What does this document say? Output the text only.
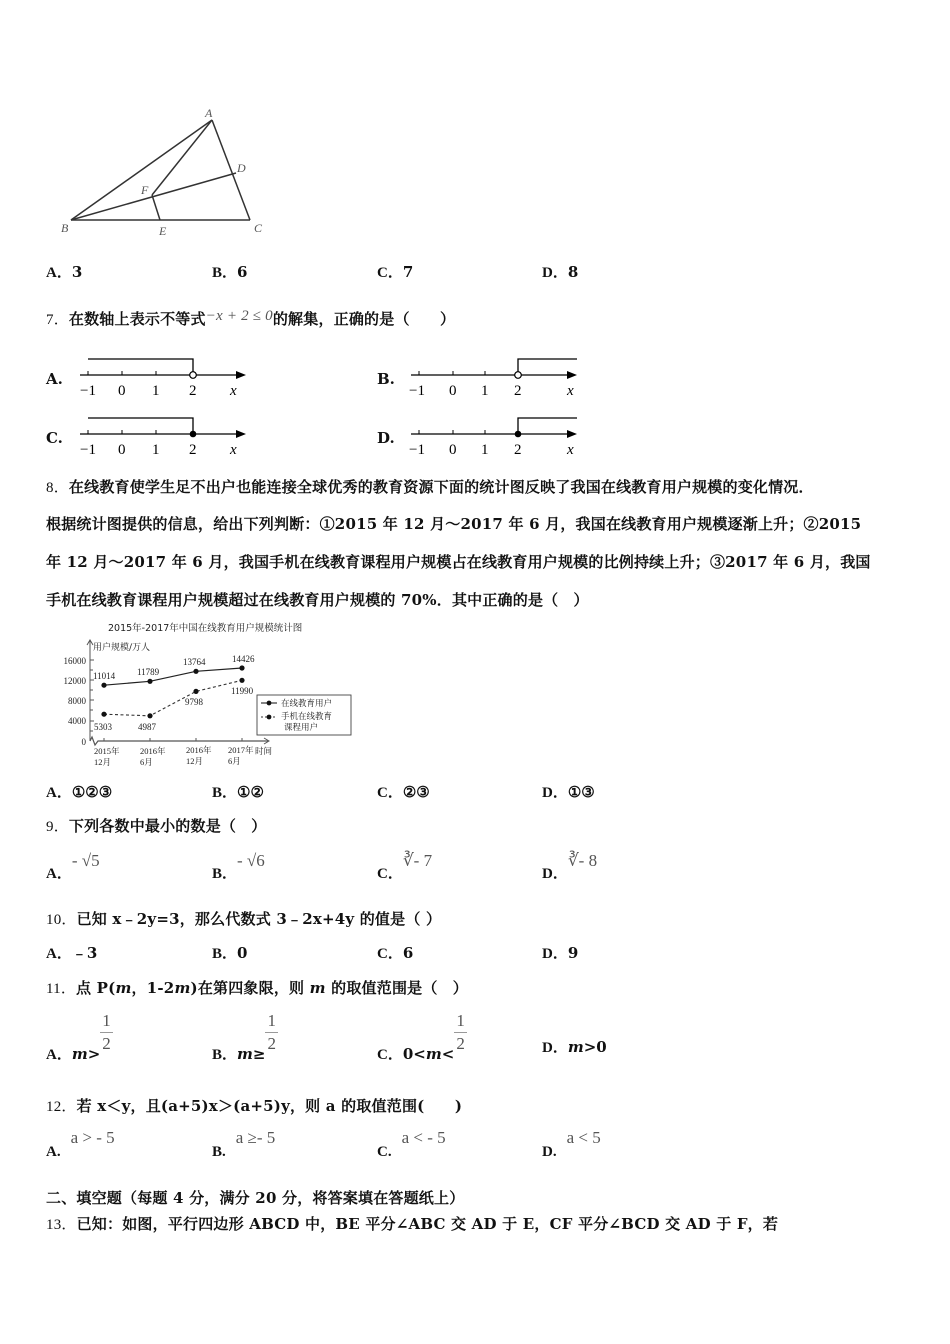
A
B	C
D
E
F
A．3	B．6	C．7	D．8
7．在数轴上表示不等式−x + 2 ≤ 0的解集，正确的是（　　）
A.	B.
C.	D.
−1 0 1 2 x	−1 0 1 2	x
−1 0 1 2 x	−1 0 1 2	x
8．在线教育使学生足不出户也能连接全球优秀的教育资源下面的统计图反映了我国在线教育用户规模的变化情况．
根据统计图提供的信息，给出下列判断：①2015 年 12 月～2017 年 6 月，我国在线教育用户规模逐渐上升；②2015
年 12 月～2017 年 6 月，我国手机在线教育课程用户规模占在线教育用户规模的比例持续上升；③2017 年 6 月，我国
手机在线教育课程用户规模超过在线教育用户规模的 70%．其中正确的是（　）
2015年-2017年中国在线教育用户规模统计图
用户规模/万人
16000
12000
8000
4000
0
2015年
12月
2016年
6月
2016年
12月
2017年
6月
时间
11014 11789
13764	14426
5303	4987
9798
11990
在线教育用户
手机在线教育
课程用户
A．①②③	B．①②	C．②③	D．①③
9．下列各数中最小的数是（　）
A．- √5
B．- √6
C．∛- 7
D．∛- 8
10．已知 x﹣2y=3，那么代数式 3﹣2x+4y 的值是（ ）
A．﹣3	B．0	C．6	D．9
11．点 P(m，1-2m)在第四象限，则 m 的取值范围是（　）
A．m>
$\frac{1}{2}$
B．m≥
$\frac{1}{2}$
C．0<m<
$\frac{1}{2}$	D．m>0
12．若 x＜y，且(a+5)x＞(a+5)y，则 a 的取值范围(　　)
A.a > - 5
B.a ≥- 5
C.a < - 5
D.a < 5
二、填空题（每题 4 分，满分 20 分，将答案填在答题纸上）
13．已知：如图，平行四边形 ABCD 中，BE 平分∠ABC 交 AD 于 E，CF 平分∠BCD 交 AD 于 F，若
